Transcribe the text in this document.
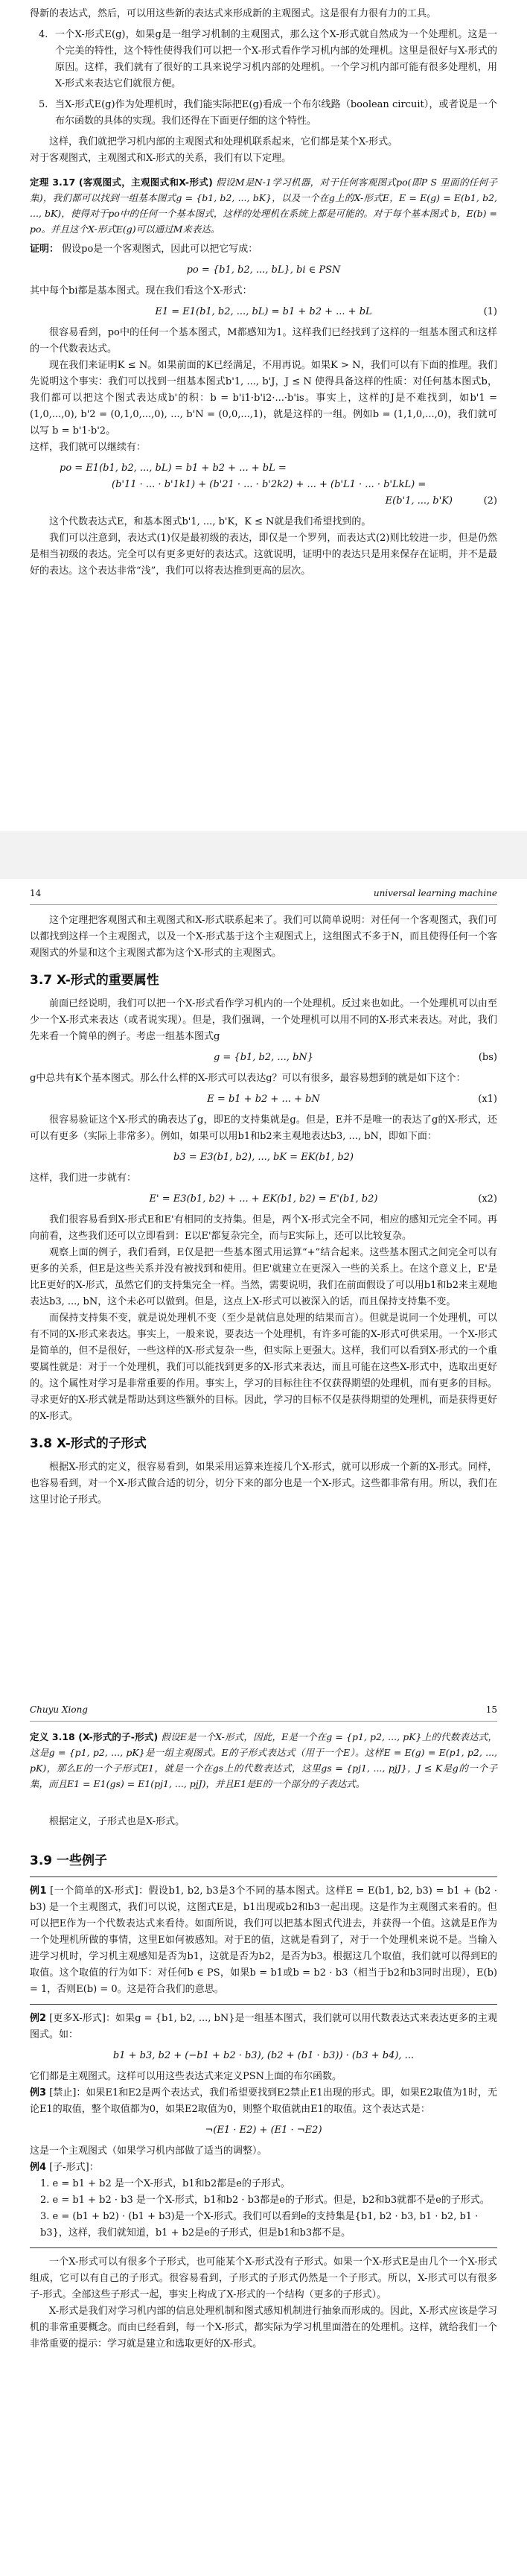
得新的表达式，然后，可以用这些新的表达式来形成新的主观图式。这是很有力很有力的工具。

4. 一个X-形式E(g)，如果g是一组学习机制的主观图式，那么这个X-形式就自然成为一个处理机。这是一个完美的特性，这个特性使得我们可以把一个X-形式看作学习机内部的处理机。这里是很好与X-形式的原因。这样，我们就有了很好的工具来说学习机内部的处理机。一个学习机内部可能有很多处理机，用X-形式来表达它们就很方便。
5. 当X-形式E(g)作为处理机时，我们能实际把E(g)看成一个布尔线路（boolean circuit），或者说是一个布尔函数的具体的实现。我们还得在下面更仔细的这个特性。

这样，我们就把学习机内部的主观图式和处理机联系起来，它们都是某个X-形式。

对于客观图式，主观图式和X-形式的关系，我们有以下定理。

定理 3.17 (客观图式，主观图式和X-形式) 假设M是N-1学习机器，对于任何客观图式po(即P S 里面的任何子集)，我们都可以找到一组基本图式g = {b1, b2, ..., bK}，以及一个在g上的X-形式E，E = E(g) = E(b1, b2, ..., bK)，使得对于po中的任何一个基本图式，这样的处理机在系统上都是可能的。对于每个基本图式 b，E(b) = po。并且这个X-形式E(g)可以通过M来表达。

证明： 假设po是一个客观图式，因此可以把它写成：

po = {b1, b2, ..., bL}, bi ∈ PSN

其中每个bi都是基本图式。现在我们看这个X-形式：

E1 = E1(b1, b2, ..., bL) = b1 + b2 + ... + bL	(1)

很容易看到，po中的任何一个基本图式，M都感知为1。这样我们已经找到了这样的一组基本图式和这样的一个代数表达式。

现在我们来证明K ≤ N。如果前面的K已经满足，不用再说。如果K > N，我们可以有下面的推理。我们先说明这个事实：我们可以找到一组基本图式b'1, ..., b'J，J ≤ N 使得具备这样的性质：对任何基本图式b，我们都可以把这个图式表达成b'的积：b = b'i1·b'i2·...·b'is。事实上，这样的J是不难找到，如b'1 = (1,0,...,0), b'2 = (0,1,0,...,0), ..., b'N = (0,0,...,1)，就是这样的一组。例如b = (1,1,0,...,0)，我们就可以写 b = b'1·b'2。

这样，我们就可以继续有：

po = E1(b1, b2, ..., bL) = b1 + b2 + ... + bL =
(b'11 · ... · b'1k1) + (b'21 · ... · b'2k2) + ... + (b'L1 · ... · b'LkL) =
E(b'1, ..., b'K)	(2)

这个代数表达式E，和基本图式b'1, ..., b'K，K ≤ N就是我们希望找到的。

我们可以注意到，表达式(1)仅是最初级的表达，即仅是一个罗列，而表达式(2)则比较进一步，但是仍然是相当初级的表达。完全可以有更多更好的表达式。这就说明，证明中的表达只是用来保存在证明，并不是最好的表达。这个表达非常“浅”，我们可以将表达推到更高的层次。

14	universal learning machine

这个定理把客观图式和主观图式和X-形式联系起来了。我们可以简单说明：对任何一个客观图式，我们可以都找到这样一个主观图式，以及一个X-形式基于这个主观图式上，这组图式不多于N，而且使得任何一个客观图式的外显和这个主观图式都为这个X-形式的主观图式。

3.7 X-形式的重要属性

前面已经说明，我们可以把一个X-形式看作学习机内的一个处理机。反过来也如此。一个处理机可以由至少一个X-形式来表达（或者说实现）。但是，我们强调，一个处理机可以用不同的X-形式来表达。对此，我们先来看一个简单的例子。考虑一组基本图式g

g = {b1, b2, ..., bN}	(bs)

g中总共有K个基本图式。那么什么样的X-形式可以表达g？可以有很多，最容易想到的就是如下这个：

E = b1 + b2 + ... + bN	(x1)

很容易验证这个X-形式的确表达了g，即E的支持集就是g。但是，E并不是唯一的表达了g的X-形式，还可以有更多（实际上非常多）。例如，如果可以用b1和b2来主观地表达b3, ..., bN，即如下面：

b3 = E3(b1, b2), ..., bK = EK(b1, b2)

这样，我们进一步就有：

E' = E3(b1, b2) + ... + EK(b1, b2) = E'(b1, b2)	(x2)

我们很容易看到X-形式E和E'有相同的支持集。但是，两个X-形式完全不同，相应的感知元完全不同。再向前看，这些我们还可以立即看到：E以E'都复杂完全，而与E实际上，还可以比较复杂。

观察上面的例子，我们看到，E仅是把一些基本图式用运算“+”结合起来。这些基本图式之间完全可以有更多的关系，但E是这些关系并没有被找到和使用。但E'就建立在更深入一些的关系上。在这个意义上，E'是比E更好的X-形式，虽然它们的支持集完全一样。当然，需要说明，我们在前面假设了可以用b1和b2来主观地表达b3, ..., bN，这个未必可以做到。但是，这点上X-形式可以被深入的话，而且保持支持集不变。

而保持支持集不变，就是说处理机不变（至少是就信息处理的结果而言）。但就是说同一个处理机，可以有不同的X-形式来表达。事实上，一般来说，要表达一个处理机，有许多可能的X-形式可供采用。一个X-形式是简单的，但不是很好，一些这样的X-形式复杂一些，但实际上更强大。这样，我们可以看到X-形式的一个重要属性就是：对于一个处理机，我们可以能找到更多的X-形式来表达，而且可能在这些X-形式中，选取出更好的。这个属性对学习是非常重要的作用。事实上，学习的目标往往不仅获得期望的处理机，而有更多的目标。寻求更好的X-形式就是帮助达到这些额外的目标。因此，学习的目标不仅是获得期望的处理机，而是获得更好的X-形式。

3.8 X-形式的子形式

根据X-形式的定义，很容易看到，如果采用运算来连接几个X-形式，就可以形成一个新的X-形式。同样，也容易看到，对一个X-形式做合适的切分，切分下来的部分也是一个X-形式。这些都非常有用。所以，我们在这里讨论子形式。

Chuyu Xiong	15

定义 3.18 (X-形式的子-形式) 假设E是一个X-形式，因此，E是一个在g = {p1, p2, ..., pK}上的代数表达式，这是g = {p1, p2, ..., pK}是一组主观图式。E的子形式表达式（用于一个E）。这样E = E(g) = E(p1, p2, ..., pK)，那么E的一个子形式E1，就是一个在gs上的代数表达式，这里gs = {pj1, ..., pjJ}，J ≤ K是g的一个子集，而且E1 = E1(gs) = E1(pj1, ..., pjJ)，并且E1是E的一个部分的子表达式。

根据定义，子形式也是X-形式。

3.9 一些例子

例1 [一个简单的X-形式]：假设b1, b2, b3是3个不同的基本图式。这样E = E(b1, b2, b3) = b1 + (b2 · b3) 是一个主观图式，我们可以说，这图式E是，b1出现或b2和b3一起出现。这是作为主观图式来看的。但可以把E作为一个代数表达式来看待。如面所说，我们可以把基本图式代进去，并获得一个值。这就是E作为一个处理机所做的事情，这里E如何被感知。对于E的值，这就是看到了，对于一个处理机来说不是。当输入进学习机时，学习机主观感知是否为b1，这就是否为b2，是否为b3。根据这几个取值，我们就可以得到E的取值。这个取值的行为如下：对任何b ∈ PS，如果b = b1或b = b2 · b3（相当于b2和b3同时出现），E(b) = 1，否则E(b) = 0。这是符合我们的意思。

例2 [更多X-形式]：如果g = {b1, b2, ..., bN}是一组基本图式，我们就可以用代数表达式来表达更多的主观图式。如：

b1 + b3, b2 + (−b1 + b2 · b3), (b2 + (b1 · b3)) · (b3 + b4), ...

它们都是主观图式。这样可以用这些表达式来定义PSN上面的布尔函数。

例3 [禁止]：如果E1和E2是两个表达式，我们希望要找到E2禁止E1出现的形式。即，如果E2取值为1时，无论E1的取值，整个取值都为0，如果E2取值为0，则整个取值就由E1的取值。这个表达式是：

¬(E1 · E2) + (E1 · ¬E2)

这是一个主观图式（如果学习机内部做了适当的调整）。

例4 [子-形式]：

1. e = b1 + b2 是一个X-形式，b1和b2都是e的子形式。

2. e = b1 + b2 · b3 是一个X-形式，b1和b2 · b3都是e的子形式。但是，b2和b3就都不是e的子形式。

3. e = (b1 + b2) · (b1 + b3)是一个X-形式。我们可以看到e的支持集是{b1, b2 · b3, b1 · b2, b1 · b3}，这样，我们就知道，b1 + b2是e的子形式，但是b1和b3都不是。

一个X-形式可以有很多个子形式，也可能某个X-形式没有子形式。如果一个X-形式E是由几个一个X-形式组成，它可以有自己的子形式。很容易看到，子形式的子形式仍然是一个子形式。所以，X-形式可以有很多子-形式。全部这些子形式一起，事实上构成了X-形式的一个结构（更多的子形式）。

X-形式是我们对学习机内部的信息处理机制和图式感知机制进行抽象而形成的。因此，X-形式应该是学习机的非常重要概念。而由已经看到，每一个X-形式，都实际为学习机里面潜在的处理机。这样，就给我们一个非常重要的提示：学习就是建立和选取更好的X-形式。
